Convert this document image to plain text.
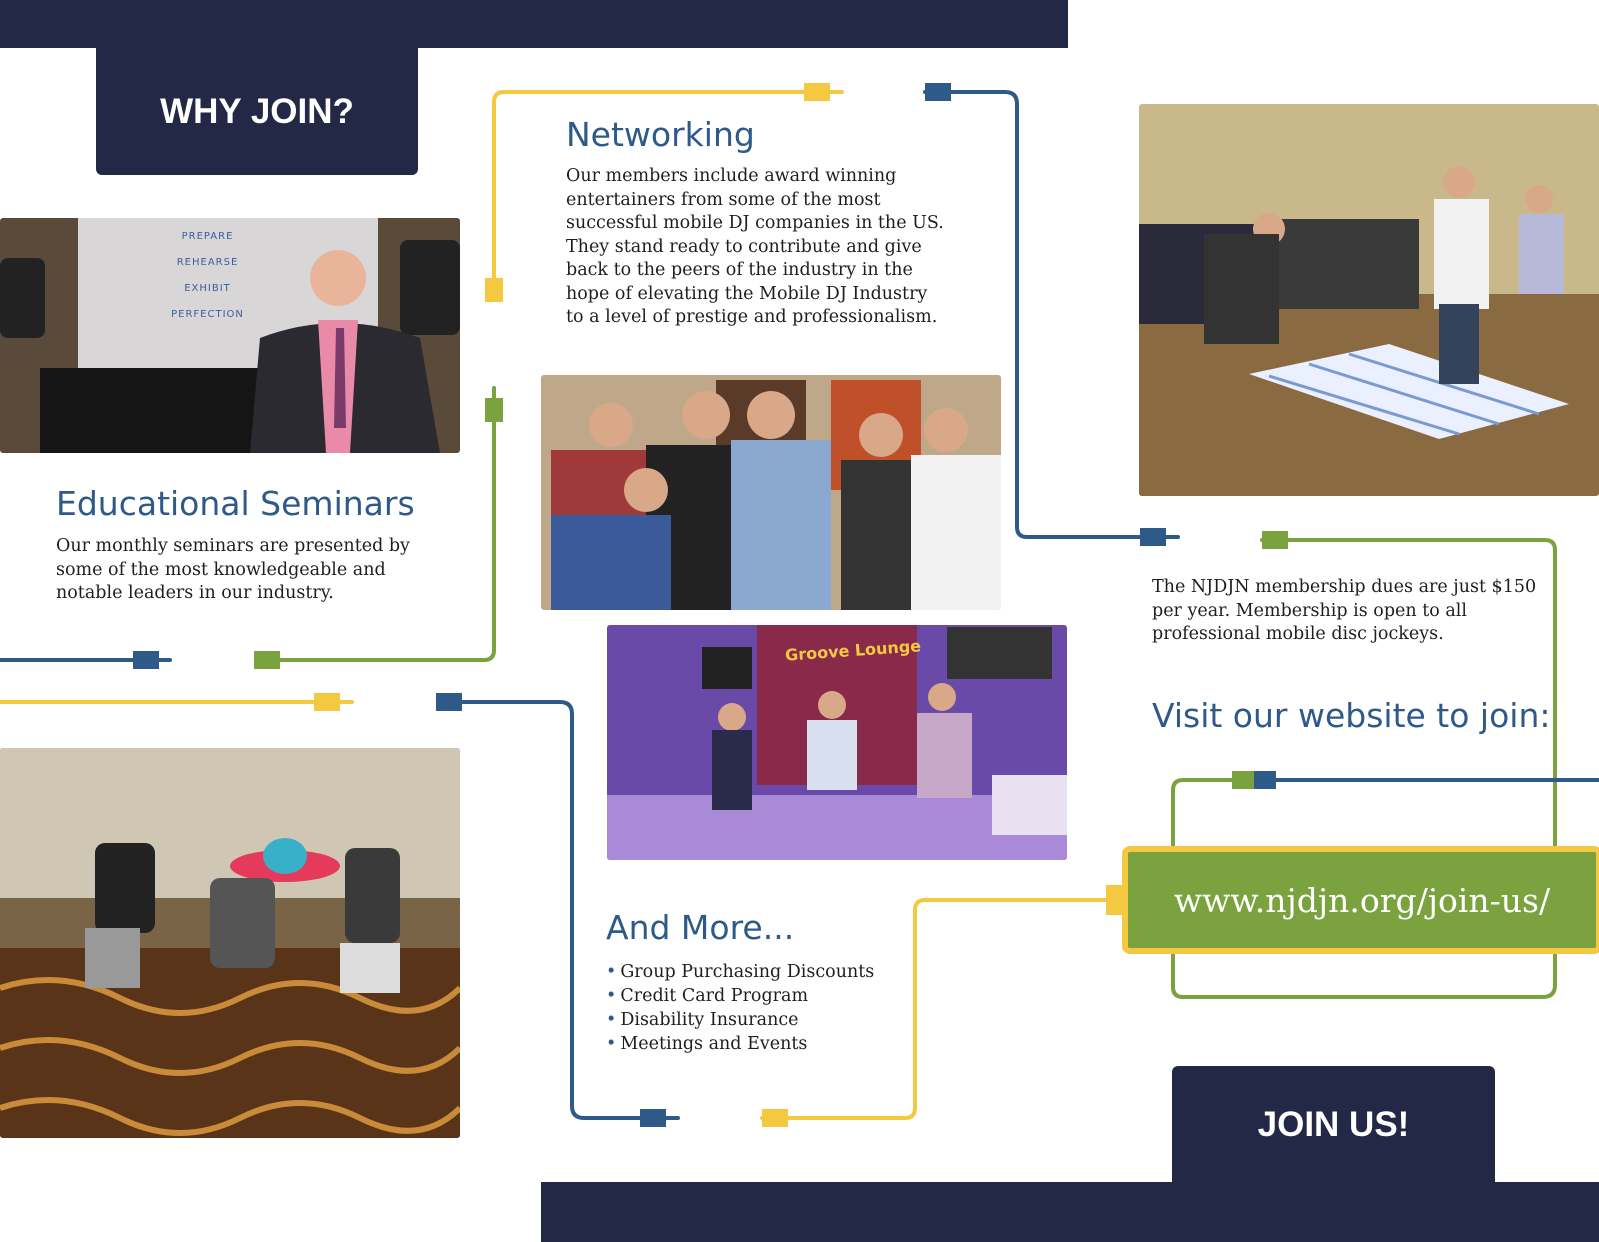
WHY JOIN?
PREPARE
REHEARSE
EXHIBIT
PERFECTION
Educational Seminars

Our monthly seminars are presented by some of the most knowledgeable and notable leaders in our industry.

Networking

Our members include award winning entertainers from some of the most successful mobile DJ companies in the US. They stand ready to contribute and give back to the peers of the industry in the hope of elevating the Mobile DJ Industry to a level of prestige and professionalism.

Groove Lounge
And More...
• Group Purchasing Discounts
• Credit Card Program
• Disability Insurance
• Meetings and Events

The NJDJN membership dues are just $150 per year. Membership is open to all professional mobile disc jockeys.

Visit our website to join:
www.njdjn.org/join-us/
JOIN US!
